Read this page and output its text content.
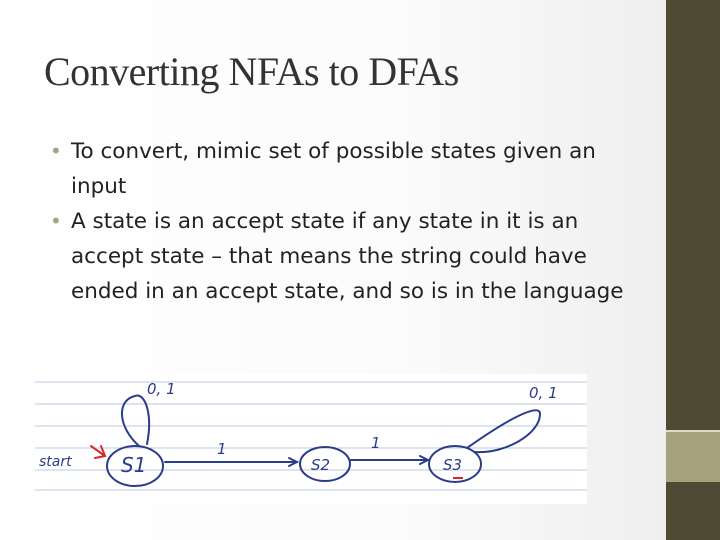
Converting NFAs to DFAs
• To convert, mimic set of possible states given an input
• A state is an accept state if any state in it is an accept state – that means the string could have ended in an accept state, and so is in the language
start
0, 1
1	1
0, 1
S1	S2	S3
